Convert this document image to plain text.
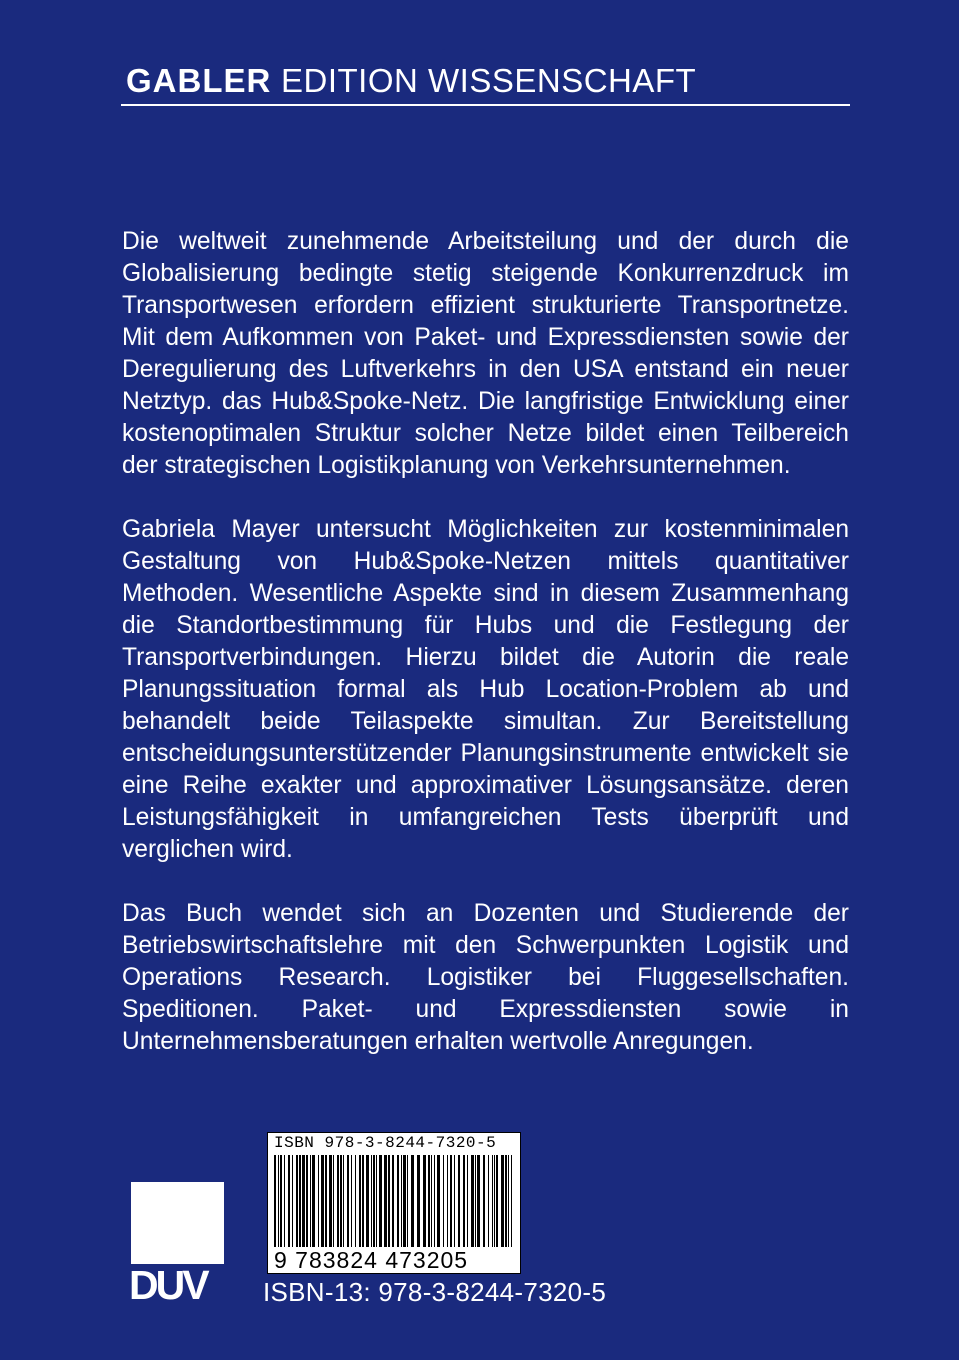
GABLER EDITION WISSENSCHAFT

Die weltweit zunehmende Arbeitsteilung und der durch die Globalisierung bedingte stetig steigende Konkurrenzdruck im Transportwesen erfordern effizient strukturierte Transportnetze. Mit dem Aufkommen von Paket- und Expressdiensten sowie der Deregulierung des Luftverkehrs in den USA entstand ein neuer Netztyp. das Hub&Spoke-Netz. Die langfristige Entwicklung einer kostenoptimalen Struktur solcher Netze bildet einen Teilbereich der strategischen Logistikplanung von Verkehrsunternehmen.

Gabriela Mayer untersucht Möglichkeiten zur kostenminimalen Gestaltung von Hub&Spoke-Netzen mittels quantitativer Methoden. Wesentliche Aspekte sind in diesem Zusammenhang die Standortbestimmung für Hubs und die Festlegung der Transportverbindungen. Hierzu bildet die Autorin die reale Planungssituation formal als Hub Location-Problem ab und behandelt beide Teilaspekte simultan. Zur Bereitstellung entscheidungsunterstützender Planungsinstrumente entwickelt sie eine Reihe exakter und approximativer Lösungsansätze. deren Leistungsfähigkeit in umfangreichen Tests überprüft und verglichen wird.

Das Buch wendet sich an Dozenten und Studierende der Betriebswirtschaftslehre mit den Schwerpunkten Logistik und Operations Research. Logistiker bei Fluggesellschaften. Speditionen. Paket- und Expressdiensten sowie in Unternehmensberatungen erhalten wertvolle Anregungen.

DUV
ISBN 978-3-8244-7320-5
9 783824 473205
ISBN-13: 978-3-8244-7320-5
